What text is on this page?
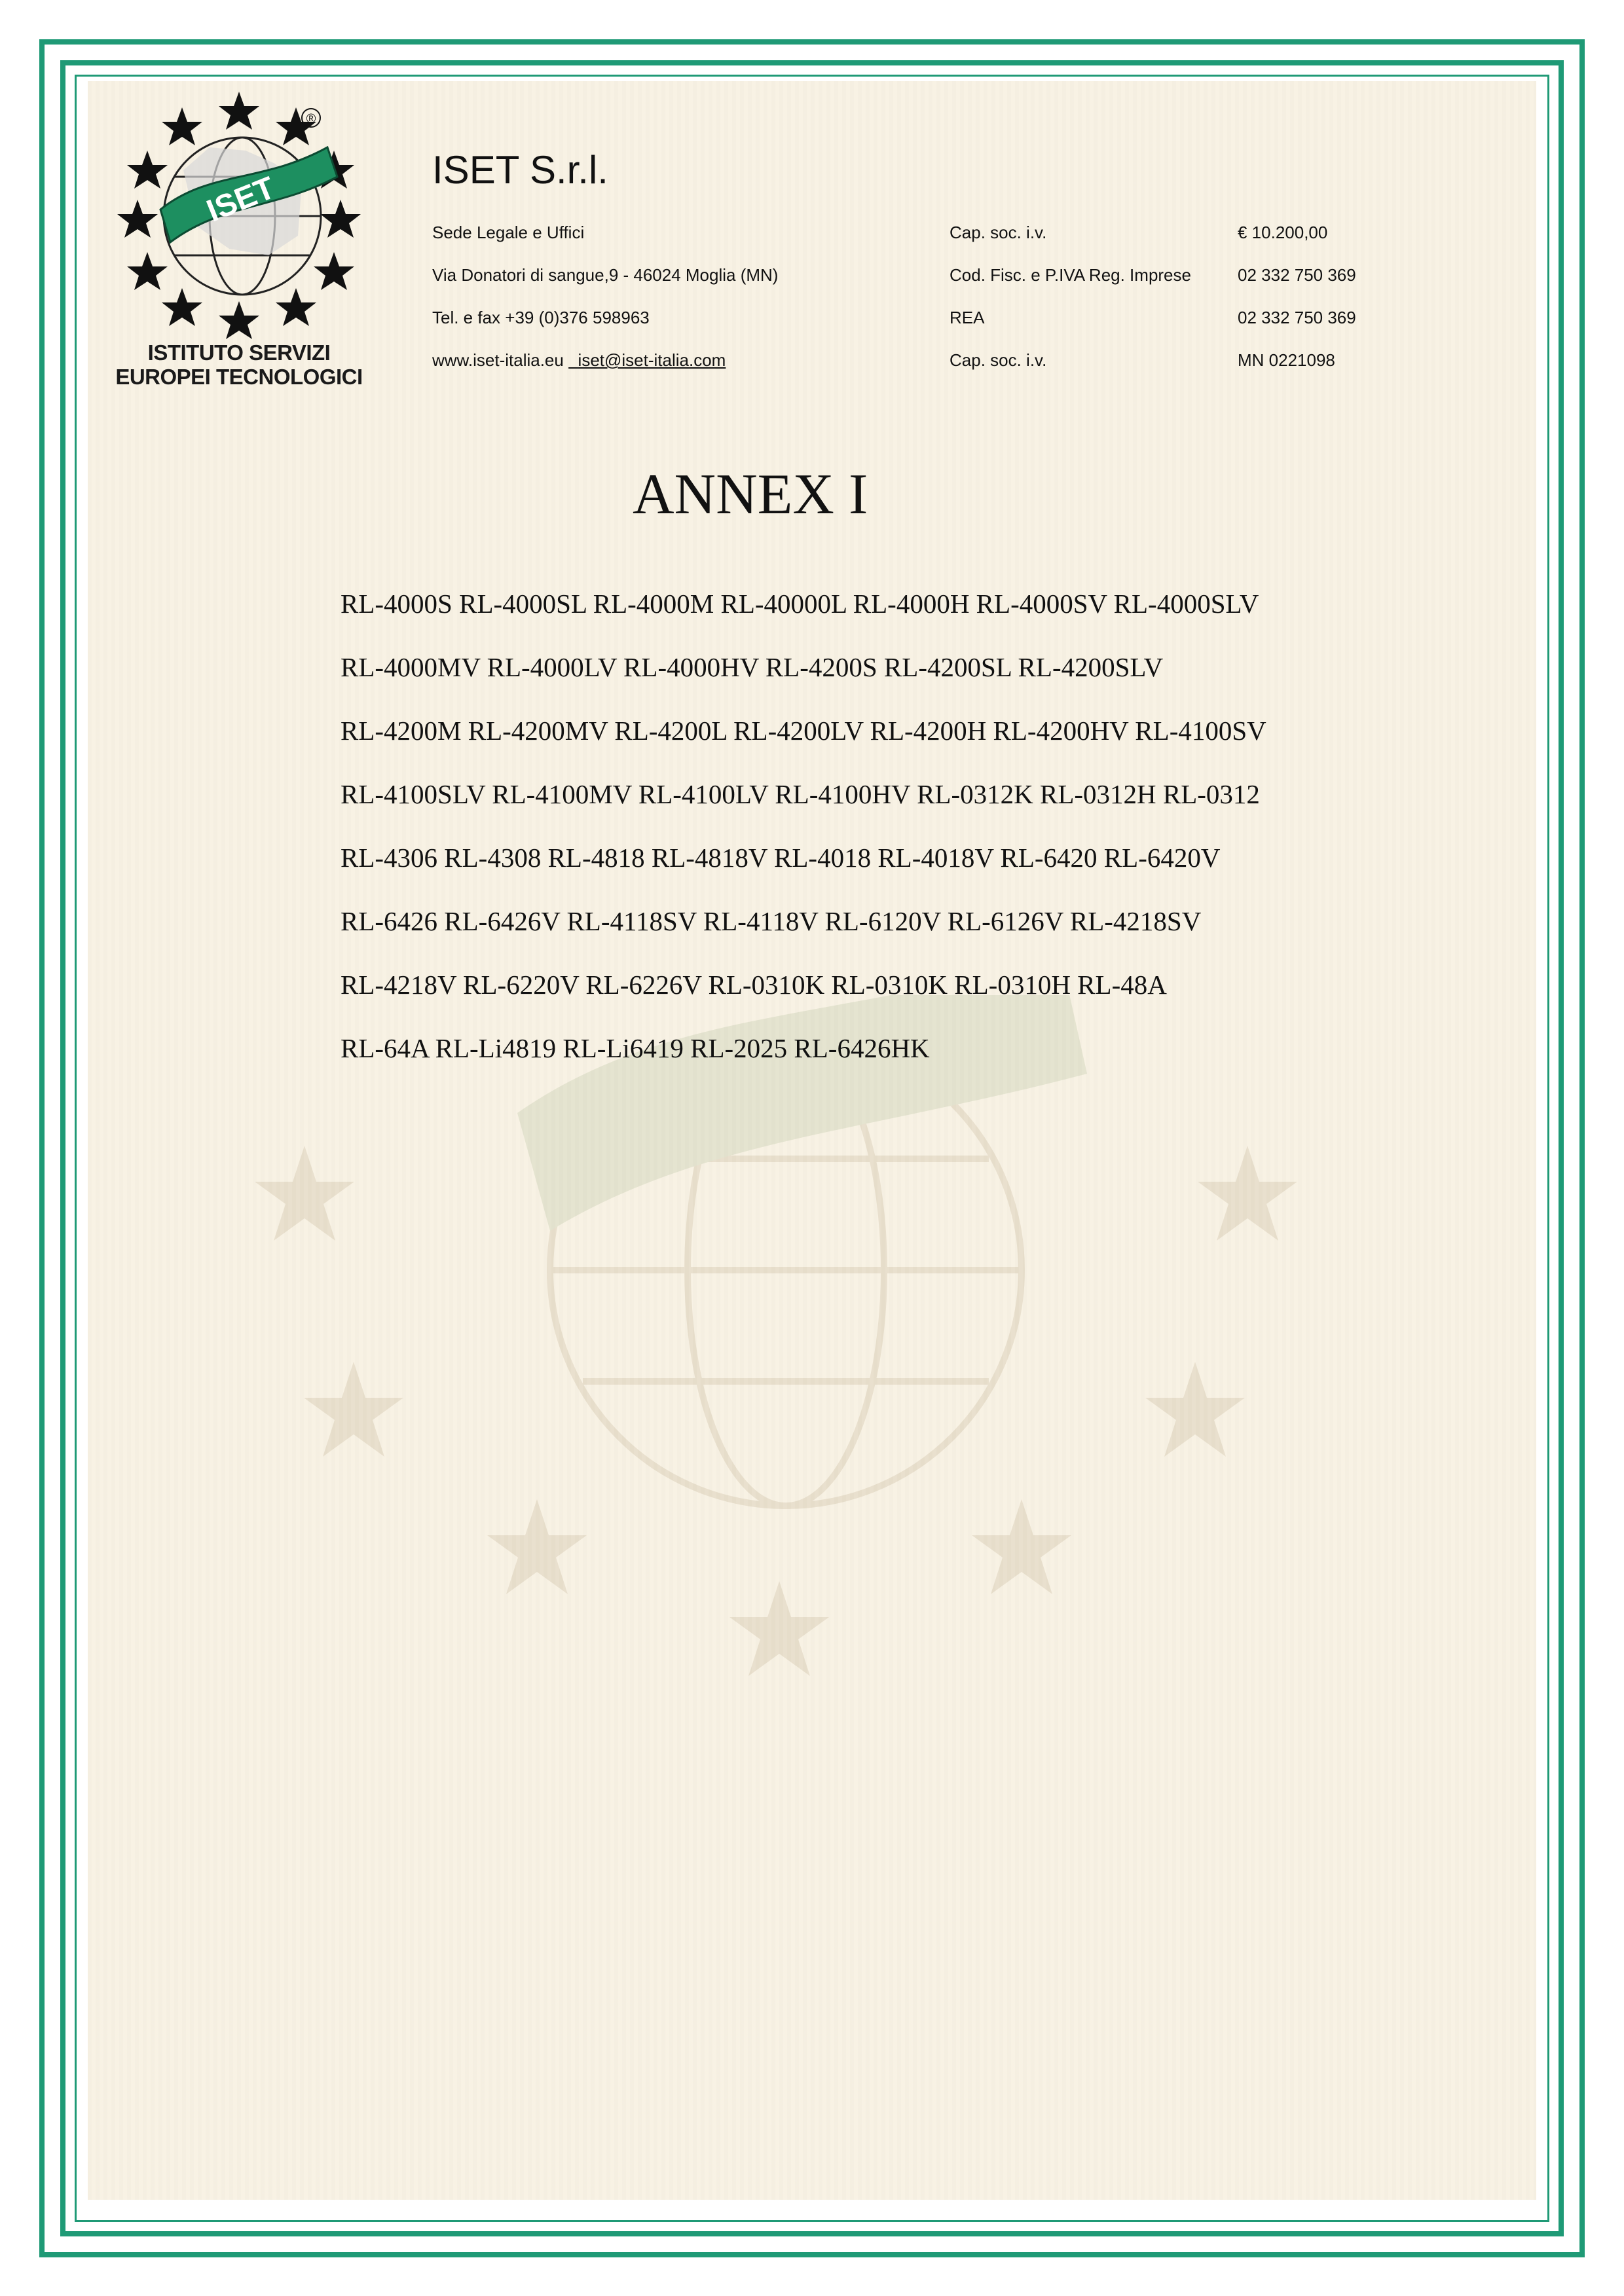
ISET
®
ISTITUTO SERVIZI
EUROPEI TECNOLOGICI
ISET S.r.l.
Sede Legale e Uffici	Cap. soc. i.v.	€ 10.200,00
Via Donatori di sangue,9 - 46024 Moglia (MN)	Cod. Fisc. e P.IVA Reg. Imprese	02 332 750 369
Tel. e fax +39 (0)376 598963	REA	02 332 750 369
www.iset-italia.eu iset@iset-italia.com	Cap. soc. i.v.	MN 0221098
ANNEX I
RL-4000S RL-4000SL RL-4000M RL-40000L RL-4000H RL-4000SV RL-4000SLV
RL-4000MV RL-4000LV RL-4000HV RL-4200S RL-4200SL RL-4200SLV
RL-4200M RL-4200MV RL-4200L RL-4200LV RL-4200H RL-4200HV RL-4100SV
RL-4100SLV RL-4100MV RL-4100LV RL-4100HV RL-0312K RL-0312H RL-0312
RL-4306 RL-4308 RL-4818 RL-4818V RL-4018 RL-4018V RL-6420 RL-6420V
RL-6426 RL-6426V RL-4118SV RL-4118V RL-6120V RL-6126V RL-4218SV
RL-4218V RL-6220V RL-6226V RL-0310K RL-0310K RL-0310H RL-48A
RL-64A RL-Li4819 RL-Li6419 RL-2025 RL-6426HK
